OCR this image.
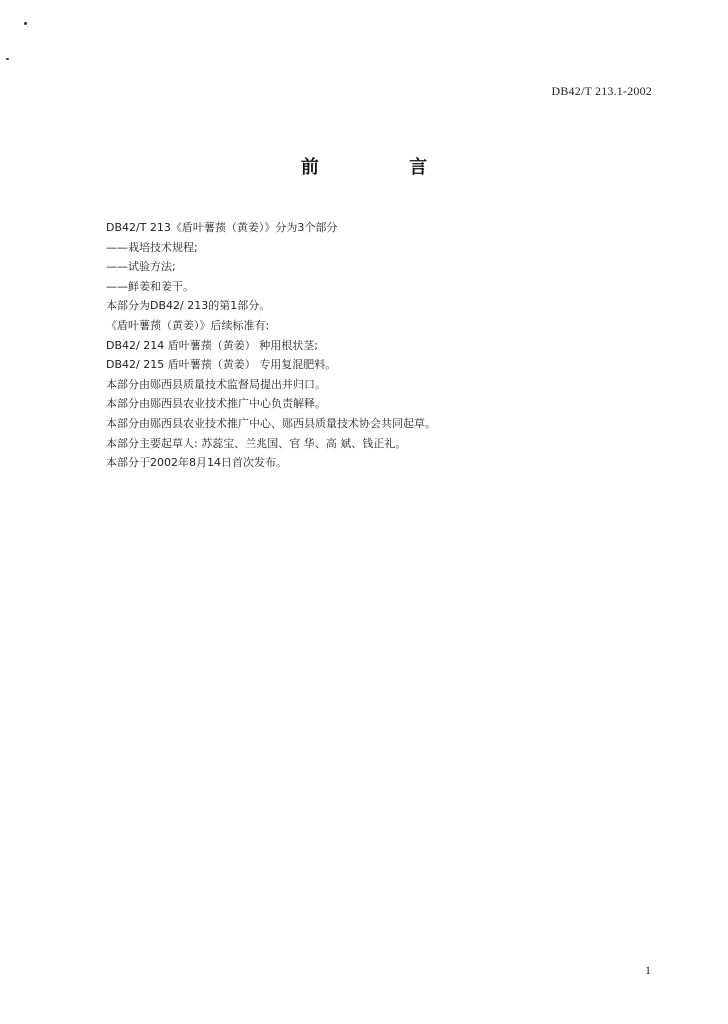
DB42/T 213.1-2002
前 言
DB42/T 213《盾叶薯蓣（黄姜）》分为3个部分
——栽培技术规程;
——试验方法;
——鲜姜和姜干。
本部分为DB42/ 213的第1部分。
《盾叶薯蓣（黄姜）》后续标准有:
DB42/ 214 盾叶薯蓣（黄姜） 种用根状茎;
DB42/ 215 盾叶薯蓣（黄姜） 专用复混肥料。
本部分由郧西县质量技术监督局提出并归口。
本部分由郧西县农业技术推广中心负责解释。
本部分由郧西县农业技术推广中心、郧西县质量技术协会共同起草。
本部分主要起草人: 苏蕊宝、兰兆国、官 华、高 斌、钱正礼。
本部分于2002年8月14日首次发布。
1
